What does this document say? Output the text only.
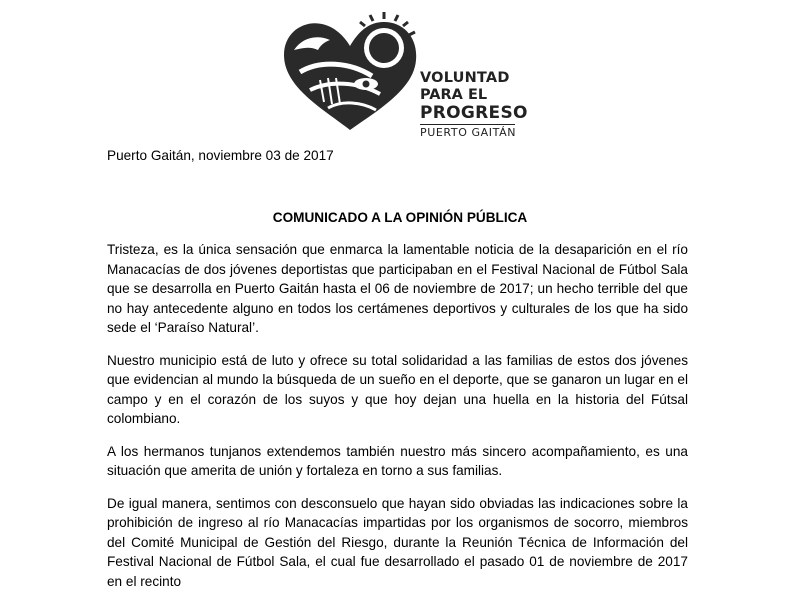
VOLUNTAD
PARA EL
PROGRESO
PUERTO GAITÁN
Puerto Gaitán, noviembre 03 de 2017
COMUNICADO A LA OPINIÓN PÚBLICA

Tristeza, es la única sensación que enmarca la lamentable noticia de la desaparición en el río Manacacías de dos jóvenes deportistas que participaban en el Festival Nacional de Fútbol Sala que se desarrolla en Puerto Gaitán hasta el 06 de noviembre de 2017; un hecho terrible del que no hay antecedente alguno en todos los certámenes deportivos y culturales de los que ha sido sede el ‘Paraíso Natural’.

Nuestro municipio está de luto y ofrece su total solidaridad a las familias de estos dos jóvenes que evidencian al mundo la búsqueda de un sueño en el deporte, que se ganaron un lugar en el campo y en el corazón de los suyos y que hoy dejan una huella en la historia del Fútsal colombiano.

A los hermanos tunjanos extendemos también nuestro más sincero acompañamiento, es una situación que amerita de unión y fortaleza en torno a sus familias.

De igual manera, sentimos con desconsuelo que hayan sido obviadas las indicaciones sobre la prohibición de ingreso al río Manacacías impartidas por los organismos de socorro, miembros del Comité Municipal de Gestión del Riesgo, durante la Reunión Técnica de Información del Festival Nacional de Fútbol Sala, el cual fue desarrollado el pasado 01 de noviembre de 2017 en el recinto
